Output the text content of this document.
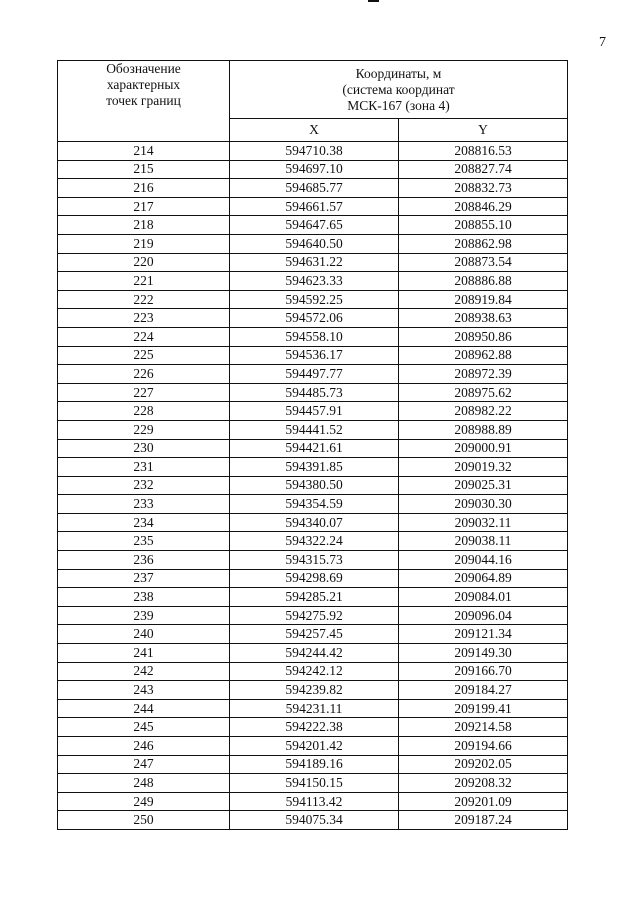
7
Обозначение
характерных
точек границ	Координаты, м
(система координат
МСК-167 (зона 4)	
	X	Y
214	594710.38	208816.53
215	594697.10	208827.74
216	594685.77	208832.73
217	594661.57	208846.29
218	594647.65	208855.10
219	594640.50	208862.98
220	594631.22	208873.54
221	594623.33	208886.88
222	594592.25	208919.84
223	594572.06	208938.63
224	594558.10	208950.86
225	594536.17	208962.88
226	594497.77	208972.39
227	594485.73	208975.62
228	594457.91	208982.22
229	594441.52	208988.89
230	594421.61	209000.91
231	594391.85	209019.32
232	594380.50	209025.31
233	594354.59	209030.30
234	594340.07	209032.11
235	594322.24	209038.11
236	594315.73	209044.16
237	594298.69	209064.89
238	594285.21	209084.01
239	594275.92	209096.04
240	594257.45	209121.34
241	594244.42	209149.30
242	594242.12	209166.70
243	594239.82	209184.27
244	594231.11	209199.41
245	594222.38	209214.58
246	594201.42	209194.66
247	594189.16	209202.05
248	594150.15	209208.32
249	594113.42	209201.09
250	594075.34	209187.24
